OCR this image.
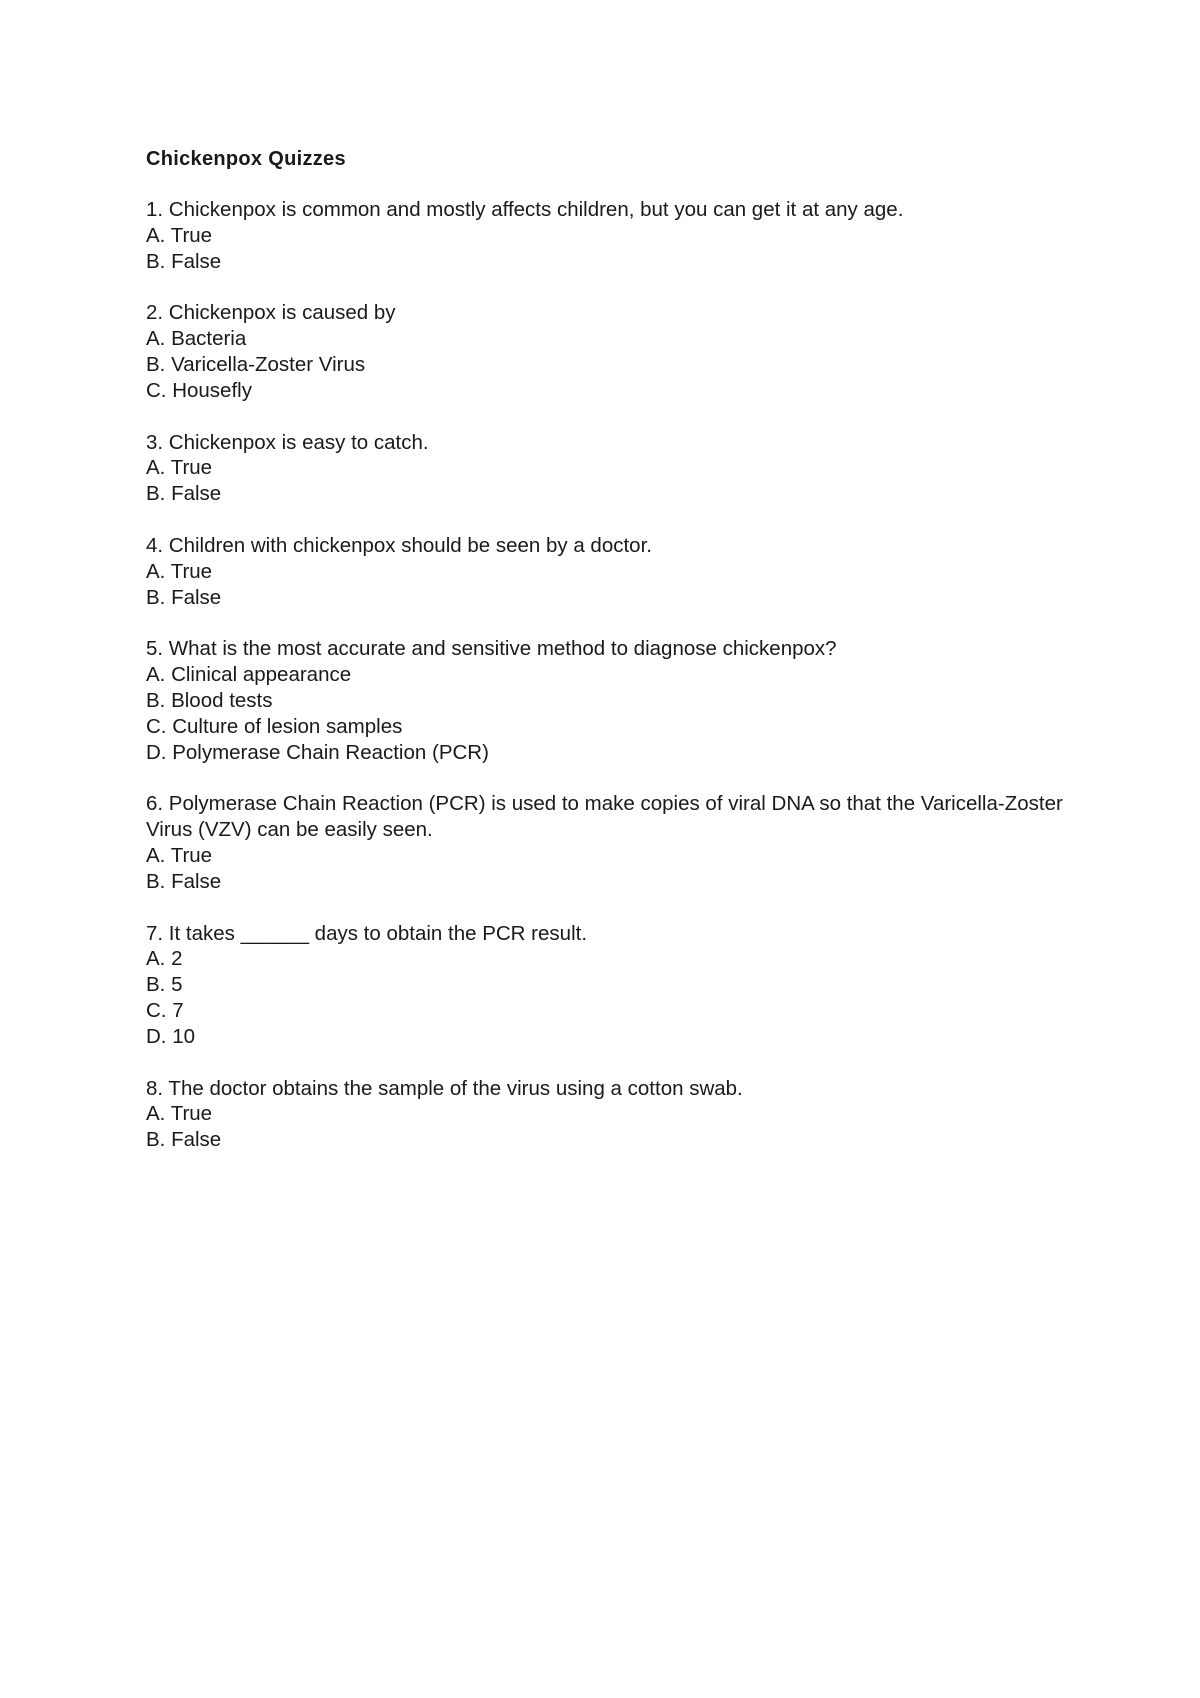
Chickenpox Quizzes
1. Chickenpox is common and mostly affects children, but you can get it at any age.
A. True
B. False
2. Chickenpox is caused by
A. Bacteria
B. Varicella-Zoster Virus
C. Housefly
3. Chickenpox is easy to catch.
A. True
B. False
4. Children with chickenpox should be seen by a doctor.
A. True
B. False
5. What is the most accurate and sensitive method to diagnose chickenpox?
A. Clinical appearance
B. Blood tests
C. Culture of lesion samples
D. Polymerase Chain Reaction (PCR)
6. Polymerase Chain Reaction (PCR) is used to make copies of viral DNA so that the Varicella-Zoster Virus (VZV) can be easily seen.
A. True
B. False
7. It takes ______ days to obtain the PCR result.
A. 2
B. 5
C. 7
D. 10
8. The doctor obtains the sample of the virus using a cotton swab.
A. True
B. False
